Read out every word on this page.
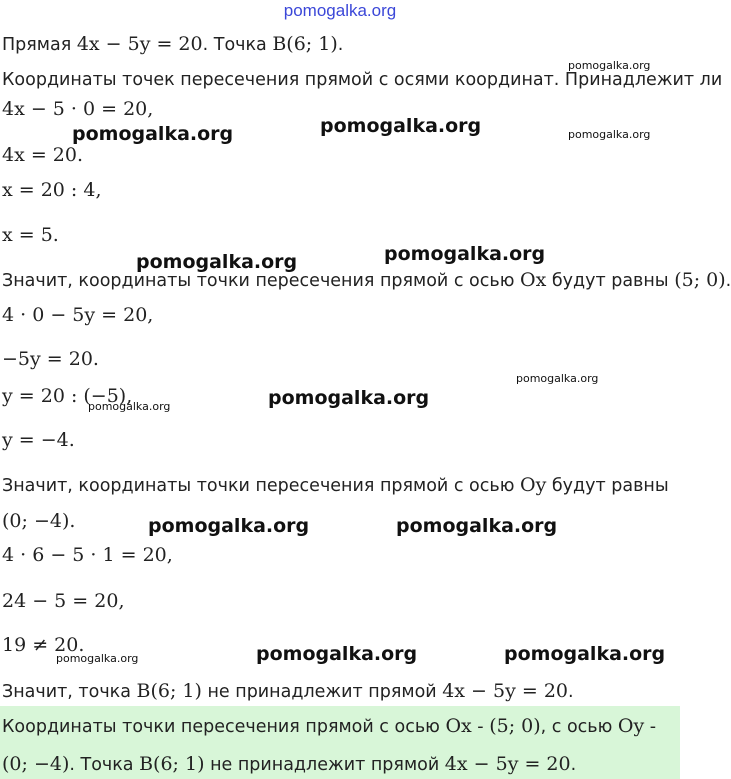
pomogalka.org
Прямая 4x − 5y = 20. Точка B(6; 1).
Координаты точек пересечения прямой с осями координат. Принадлежит ли
4x − 5 · 0 = 20,
4x = 20.
x = 20 : 4,
x = 5.
Значит, координаты точки пересечения прямой с осью Ox будут равны (5; 0).
4 · 0 − 5y = 20,
−5y = 20.
y = 20 : (−5),
y = −4.
Значит, координаты точки пересечения прямой с осью Oy будут равны
(0; −4).
4 · 6 − 5 · 1 = 20,
24 − 5 = 20,
19 ≠ 20.
Значит, точка B(6; 1) не принадлежит прямой 4x − 5y = 20.
Координаты точки пересечения прямой с осью Ox - (5; 0), с осью Oy -
(0; −4). Точка B(6; 1) не принадлежит прямой 4x − 5y = 20.
pomogalka.org
pomogalka.org	pomogalka.org	pomogalka.org
pomogalka.org
pomogalka.org
pomogalka.org
pomogalka.org	pomogalka.org
pomogalka.org	pomogalka.org
pomogalka.org	pomogalka.org	pomogalka.org
